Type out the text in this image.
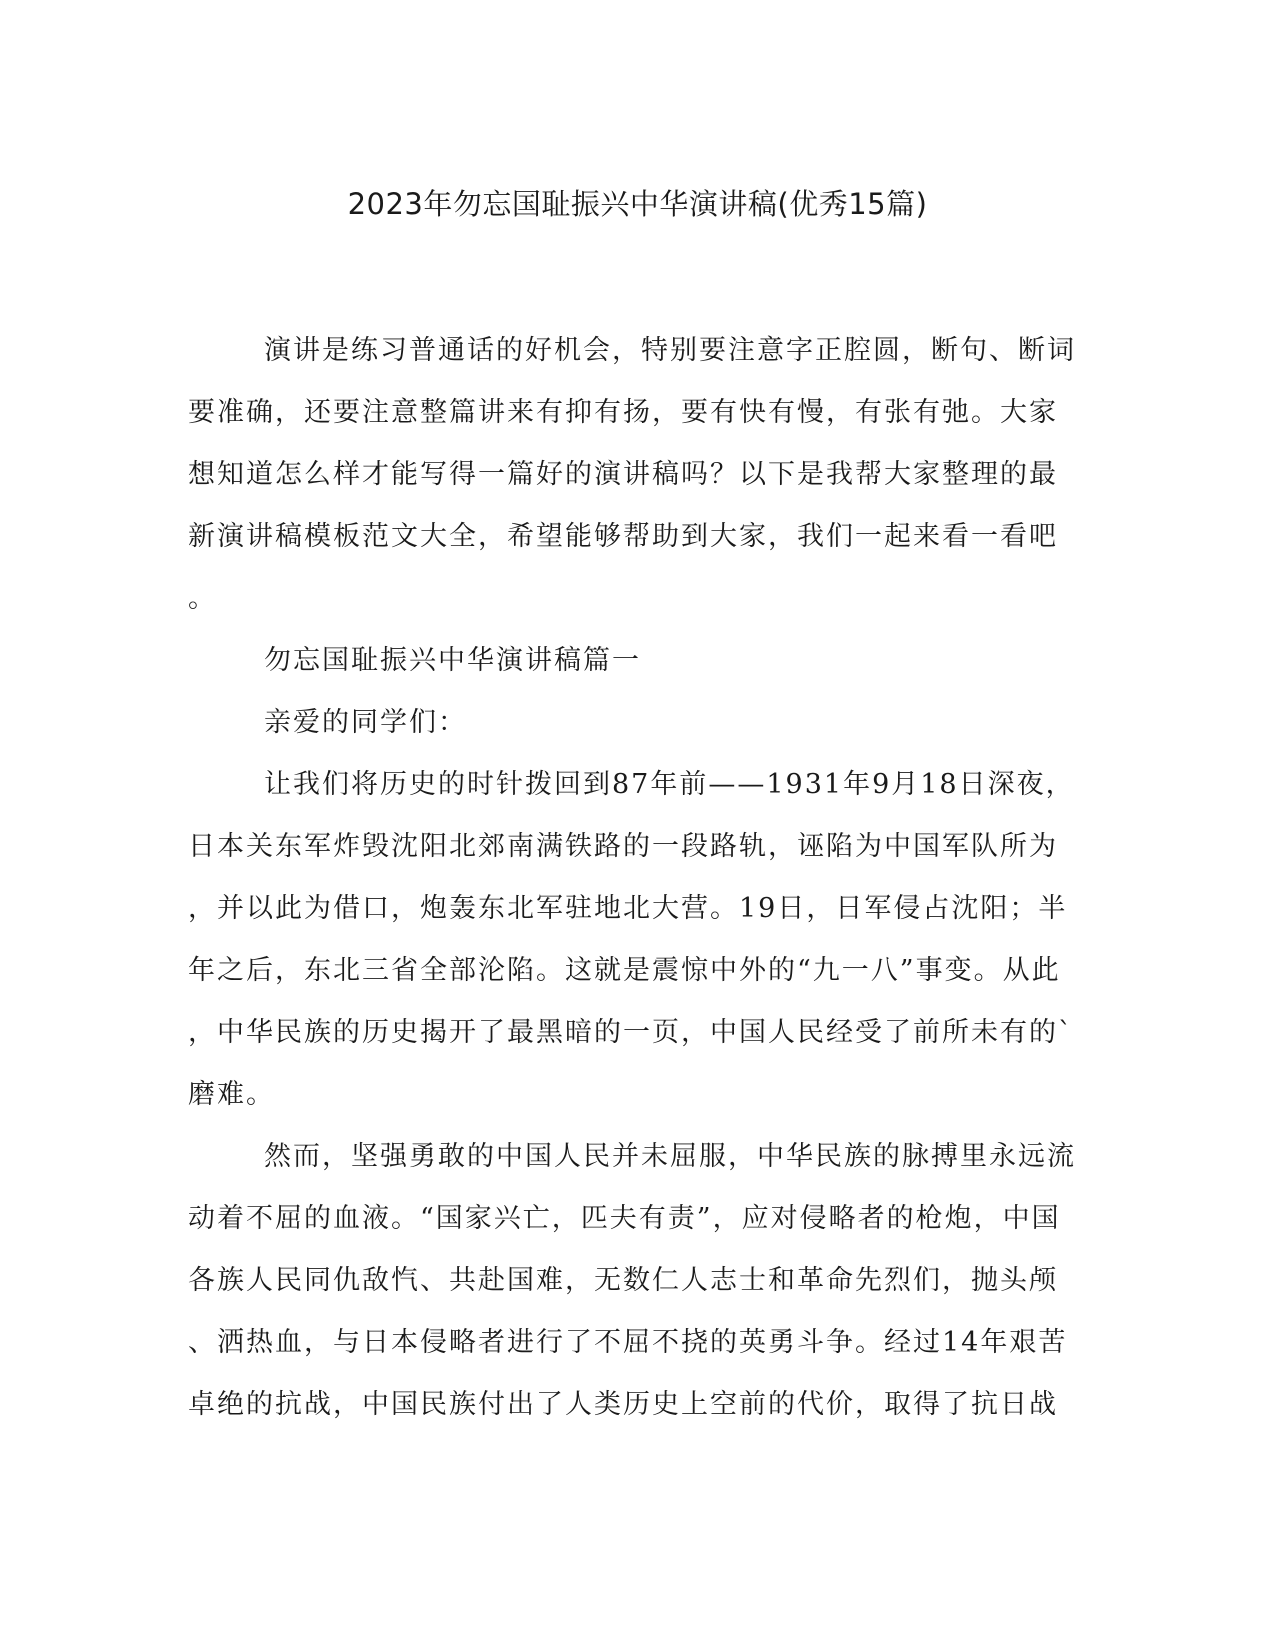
2023年勿忘国耻振兴中华演讲稿(优秀15篇)
演讲是练习普通话的好机会，特别要注意字正腔圆，断句、断词
要准确，还要注意整篇讲来有抑有扬，要有快有慢，有张有弛。大家
想知道怎么样才能写得一篇好的演讲稿吗？以下是我帮大家整理的最
新演讲稿模板范文大全，希望能够帮助到大家，我们一起来看一看吧
。
勿忘国耻振兴中华演讲稿篇一
亲爱的同学们：
让我们将历史的时针拨回到87年前——1931年9月18日深夜，
日本关东军炸毁沈阳北郊南满铁路的一段路轨，诬陷为中国军队所为
，并以此为借口，炮轰东北军驻地北大营。19日，日军侵占沈阳；半
年之后，东北三省全部沦陷。这就是震惊中外的“九一八”事变。从此
，中华民族的历史揭开了最黑暗的一页，中国人民经受了前所未有的`
磨难。
然而，坚强勇敢的中国人民并未屈服，中华民族的脉搏里永远流
动着不屈的血液。“国家兴亡，匹夫有责”，应对侵略者的枪炮，中国
各族人民同仇敌忾、共赴国难，无数仁人志士和革命先烈们，抛头颅
、洒热血，与日本侵略者进行了不屈不挠的英勇斗争。经过14年艰苦
卓绝的抗战，中国民族付出了人类历史上空前的代价，取得了抗日战
